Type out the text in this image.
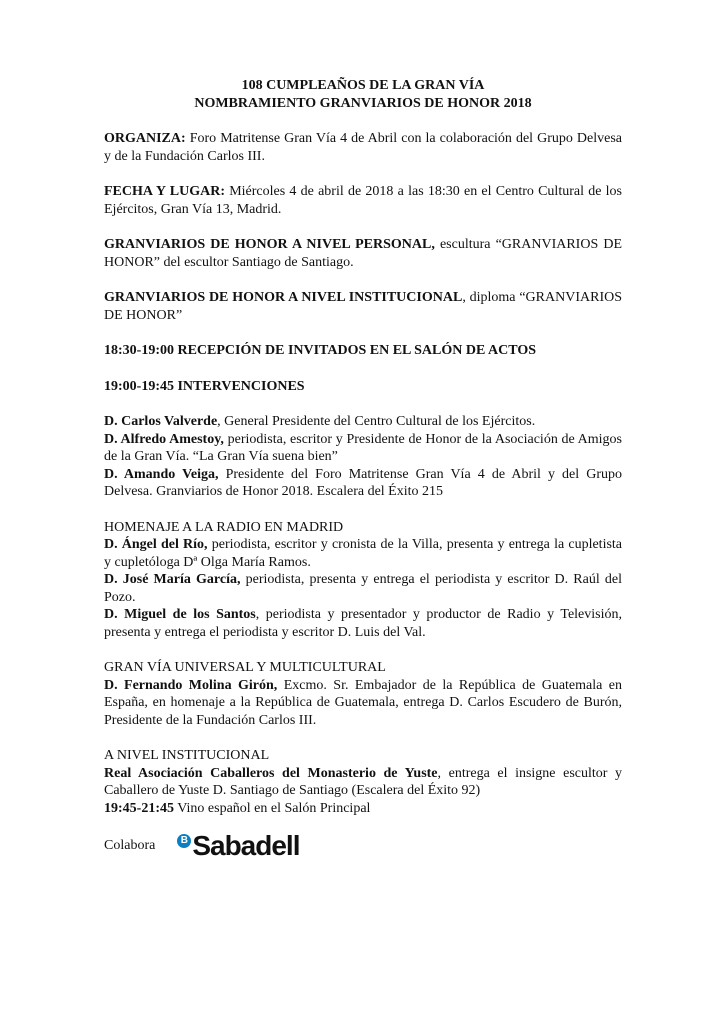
108 CUMPLEAÑOS DE LA GRAN VÍA
NOMBRAMIENTO GRANVIARIOS DE HONOR 2018

ORGANIZA: Foro Matritense Gran Vía 4 de Abril con la colaboración del Grupo Delvesa y de la Fundación Carlos III.

FECHA Y LUGAR: Miércoles 4 de abril de 2018 a las 18:30 en el Centro Cultural de los Ejércitos, Gran Vía 13, Madrid.

GRANVIARIOS DE HONOR A NIVEL PERSONAL, escultura “GRANVIARIOS DE HONOR” del escultor Santiago de Santiago.

GRANVIARIOS DE HONOR A NIVEL INSTITUCIONAL, diploma “GRANVIARIOS DE HONOR”

18:30-19:00 RECEPCIÓN DE INVITADOS EN EL SALÓN DE ACTOS

19:00-19:45 INTERVENCIONES

D. Carlos Valverde, General Presidente del Centro Cultural de los Ejércitos.

D. Alfredo Amestoy, periodista, escritor y Presidente de Honor de la Asociación de Amigos de la Gran Vía. “La Gran Vía suena bien”

D. Amando Veiga, Presidente del Foro Matritense Gran Vía 4 de Abril y del Grupo Delvesa. Granviarios de Honor 2018. Escalera del Éxito 215

HOMENAJE A LA RADIO EN MADRID

D. Ángel del Río, periodista, escritor y cronista de la Villa, presenta y entrega la cupletista y cupletóloga Dª Olga María Ramos.

D. José María García, periodista, presenta y entrega el periodista y escritor D. Raúl del Pozo.

D. Miguel de los Santos, periodista y presentador y productor de Radio y Televisión, presenta y entrega el periodista y escritor D. Luis del Val.

GRAN VÍA UNIVERSAL Y MULTICULTURAL

D. Fernando Molina Girón, Excmo. Sr. Embajador de la República de Guatemala en España, en homenaje a la República de Guatemala, entrega D. Carlos Escudero de Burón, Presidente de la Fundación Carlos III.

A NIVEL INSTITUCIONAL

Real Asociación Caballeros del Monasterio de Yuste, entrega el insigne escultor y Caballero de Yuste D. Santiago de Santiago (Escalera del Éxito 92)

19:45-21:45 Vino español en el Salón Principal

Colabora	B Sabadell
